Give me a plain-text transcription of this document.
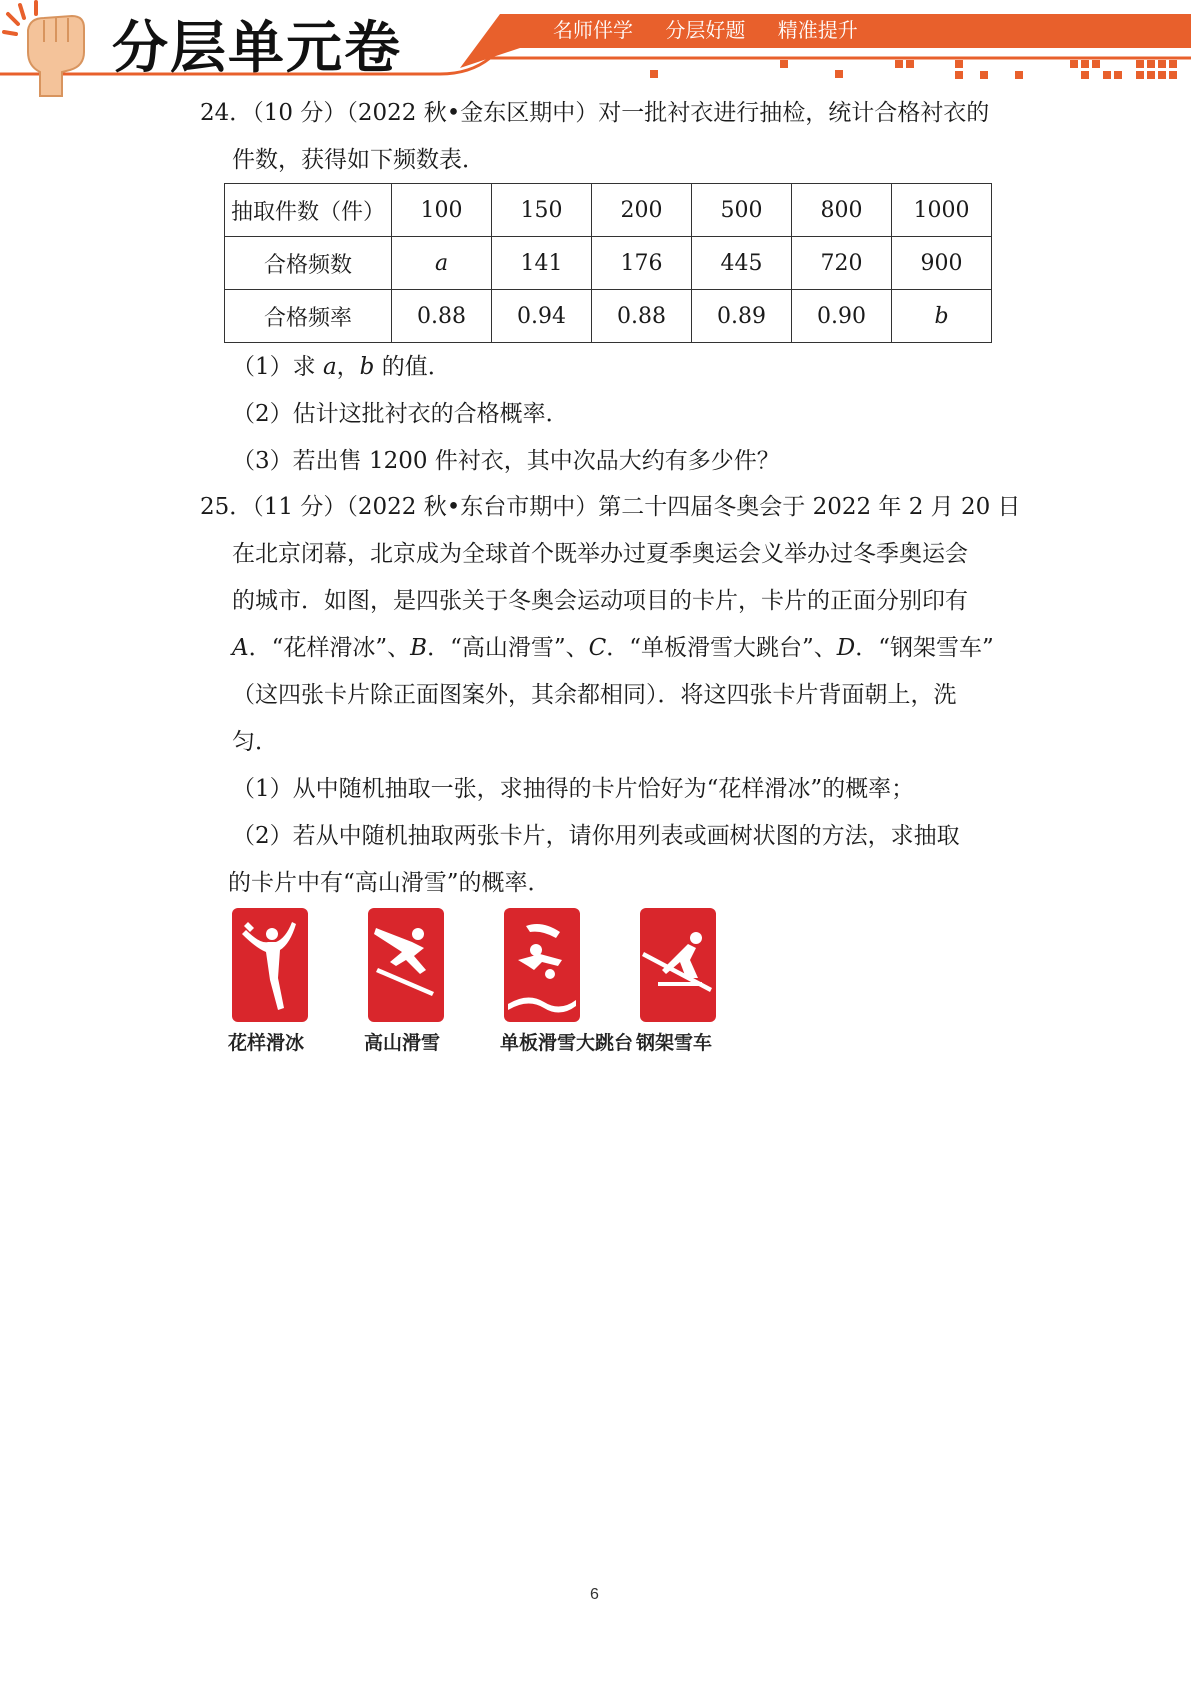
分层单元卷	名师伴学 分层好题 精准提升
24．（10 分）（2022 秋•金东区期中）对一批衬衣进行抽检，统计合格衬衣的
件数，获得如下频数表．
抽取件数（件）	100	150	200	500	800	1000
合格频数	a	141	176	445	720	900
合格频率	0.88	0.94	0.88	0.89	0.90	b
（1）求 a，b 的值．
（2）估计这批衬衣的合格概率．
（3）若出售 1200 件衬衣，其中次品大约有多少件？
25．（11 分）（2022 秋•东台市期中）第二十四届冬奥会于 2022 年 2 月 20 日
在北京闭幕，北京成为全球首个既举办过夏季奥运会义举办过冬季奥运会
的城市．如图，是四张关于冬奥会运动项目的卡片，卡片的正面分别印有
A．“花样滑冰”、B．“高山滑雪”、C．“单板滑雪大跳台”、D．“钢架雪车”
（这四张卡片除正面图案外，其余都相同）．将这四张卡片背面朝上，洗
匀．
（1）从中随机抽取一张，求抽得的卡片恰好为“花样滑冰”的概率；
（2）若从中随机抽取两张卡片，请你用列表或画树状图的方法，求抽取
的卡片中有“高山滑雪”的概率．
花样滑冰	高山滑雪	单板滑雪大跳台 钢架雪车
6
